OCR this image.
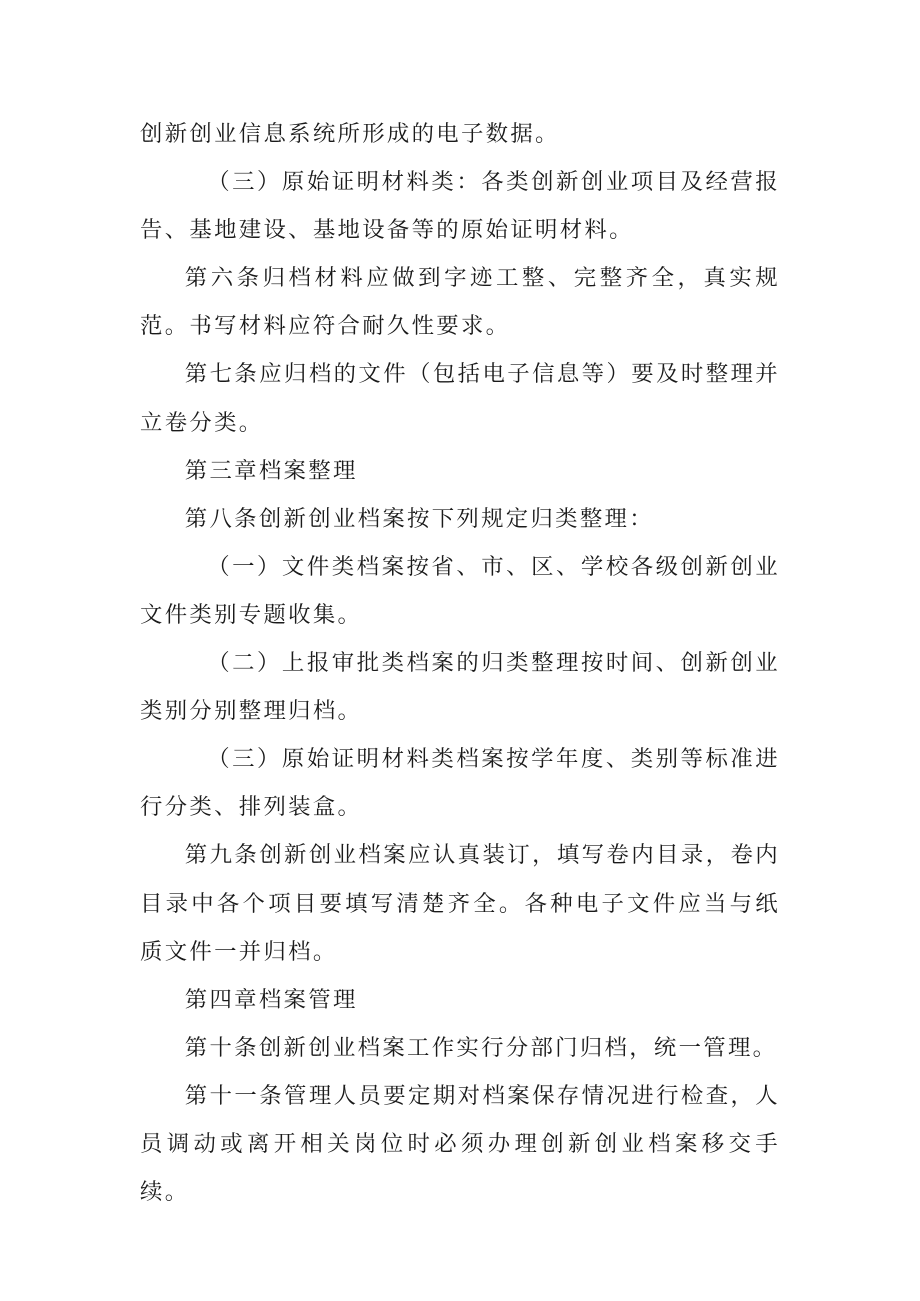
创新创业信息系统所形成的电子数据。

（三）原始证明材料类：各类创新创业项目及经营报告、基地建设、基地设备等的原始证明材料。

第六条归档材料应做到字迹工整、完整齐全，真实规范。书写材料应符合耐久性要求。

第七条应归档的文件（包括电子信息等）要及时整理并立卷分类。

第三章档案整理

第八条创新创业档案按下列规定归类整理：

（一）文件类档案按省、市、区、学校各级创新创业文件类别专题收集。

（二）上报审批类档案的归类整理按时间、创新创业类别分别整理归档。

（三）原始证明材料类档案按学年度、类别等标准进行分类、排列装盒。

第九条创新创业档案应认真装订，填写卷内目录，卷内目录中各个项目要填写清楚齐全。各种电子文件应当与纸质文件一并归档。

第四章档案管理

第十条创新创业档案工作实行分部门归档，统一管理。

第十一条管理人员要定期对档案保存情况进行检查，人员调动或离开相关岗位时必须办理创新创业档案移交手续。
